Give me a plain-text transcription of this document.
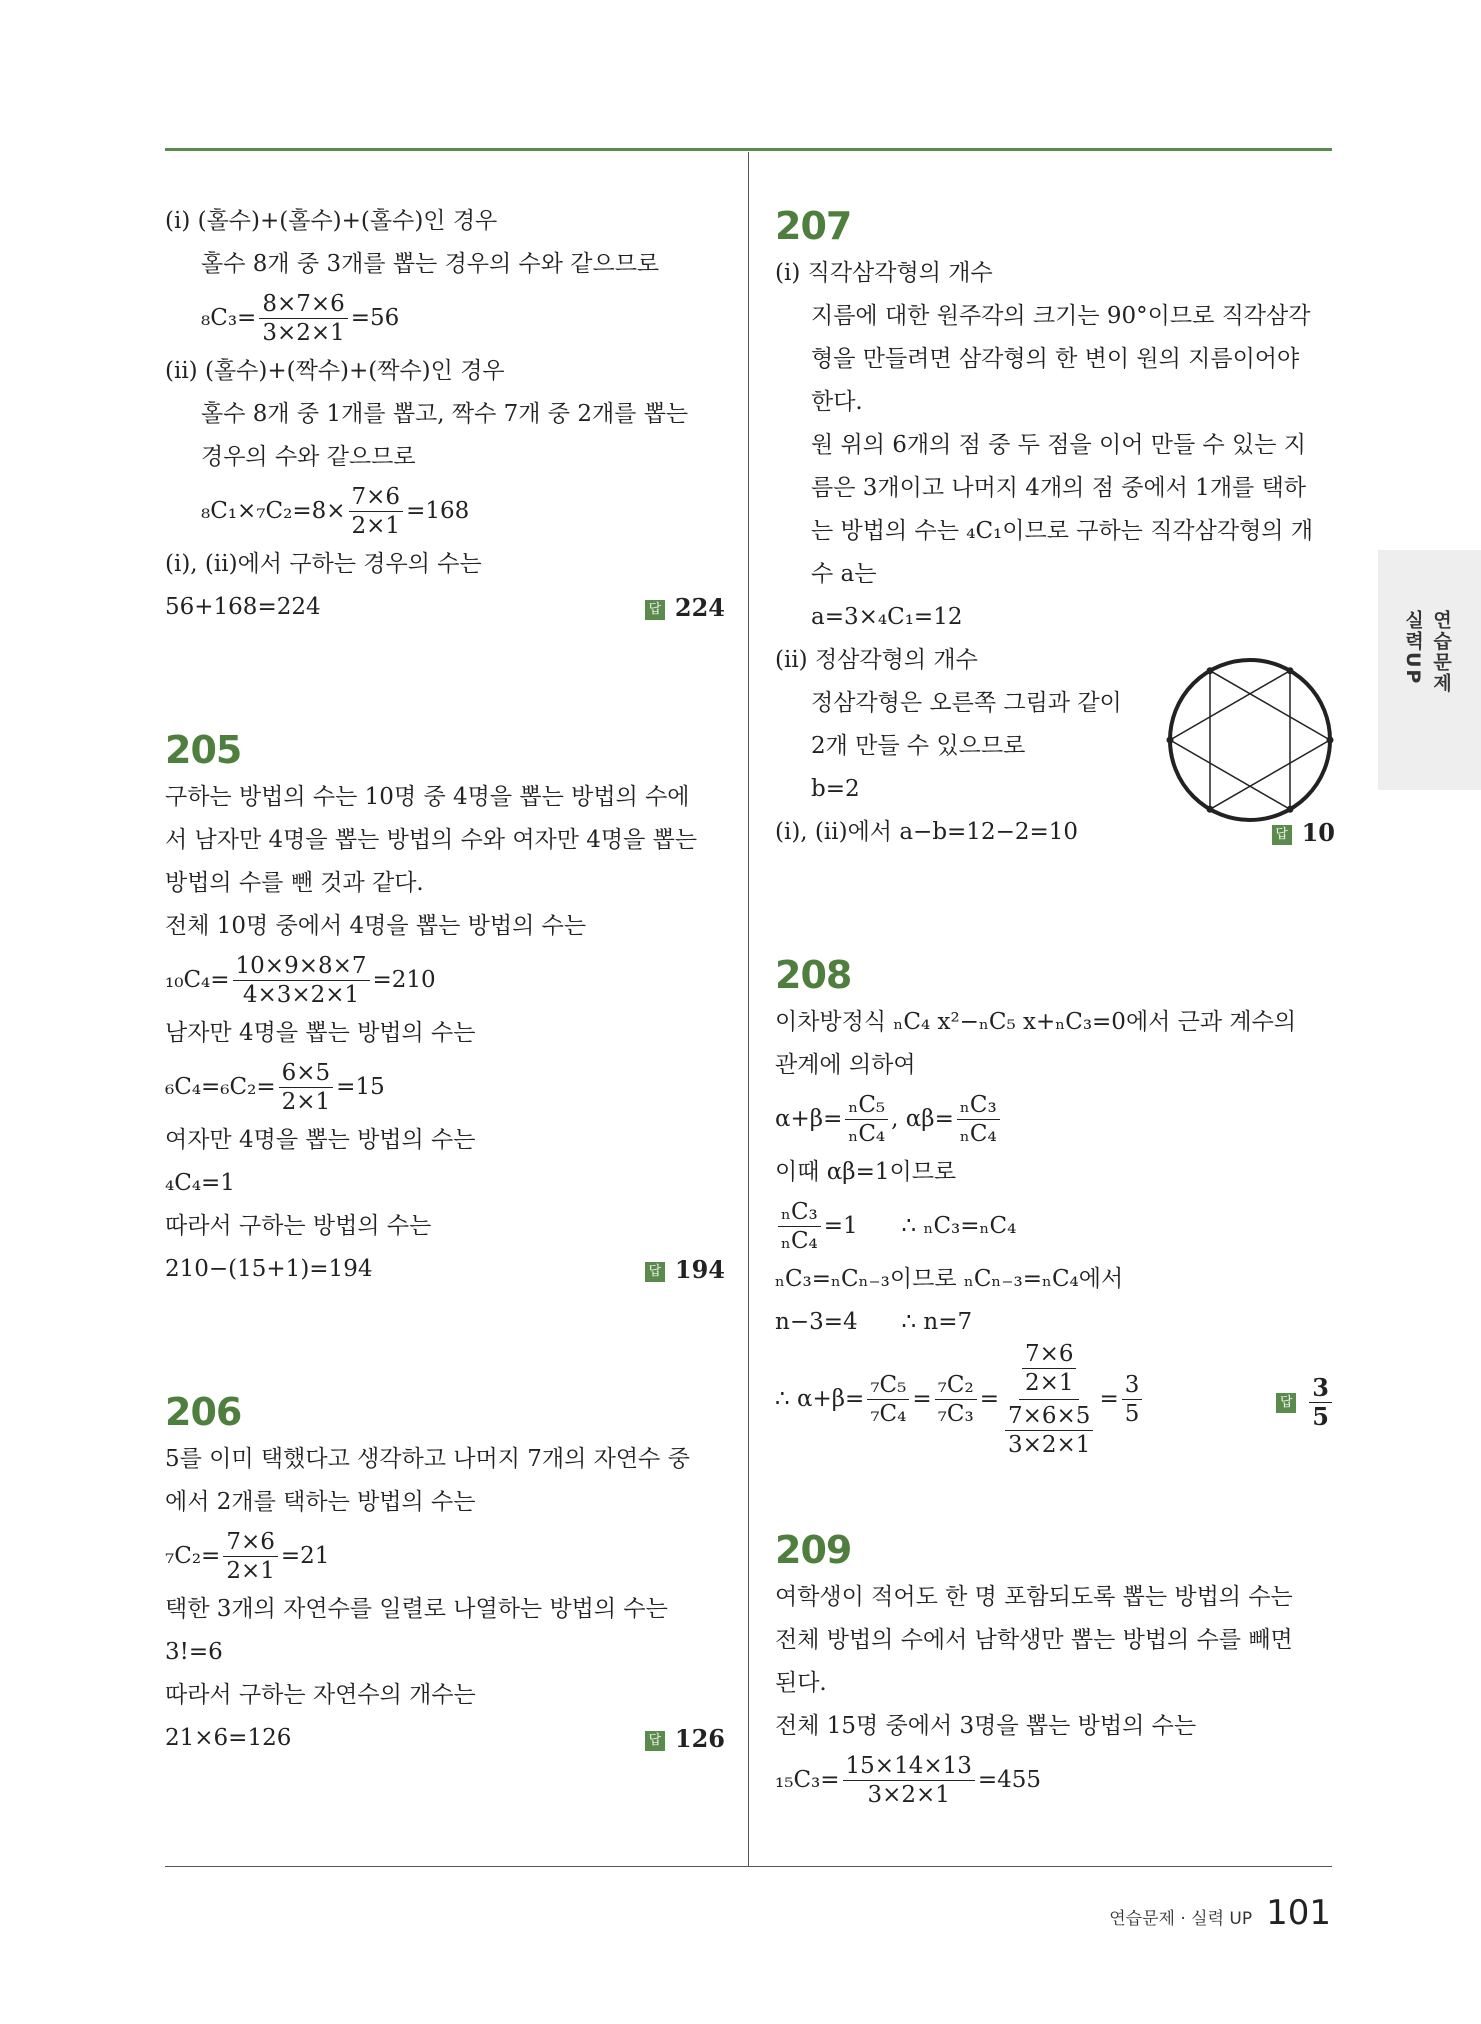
(ⅰ) (홀수)+(홀수)+(홀수)인 경우
홀수 8개 중 3개를 뽑는 경우의 수와 같으므로
$_8C_3= \frac{8\times 7\times 6}{3\times 2\times 1} =56$
(ⅱ) (홀수)+(짝수)+(짝수)인 경우
홀수 8개 중 1개를 뽑고, 짝수 7개 중 2개를 뽑는
경우의 수와 같으므로
$_8C_1\times_7C_2=8\times \frac{7\times 6}{2\times 1} =168$
(ⅰ), (ⅱ)에서 구하는 경우의 수는
56+168=224	답 224
205
구하는 방법의 수는 10명 중 4명을 뽑는 방법의 수에
서 남자만 4명을 뽑는 방법의 수와 여자만 4명을 뽑는
방법의 수를 뺀 것과 같다.
전체 10명 중에서 4명을 뽑는 방법의 수는
$_{10}C_4= \frac{10\times 9\times 8\times 7}{4\times 3\times 2\times 1} =210$
남자만 4명을 뽑는 방법의 수는
$_6C_4=_6C_2= \frac{6\times 5}{2\times 1} =15$
여자만 4명을 뽑는 방법의 수는
₄C₄=1
따라서 구하는 방법의 수는
210−(15+1)=194	답 194
206
5를 이미 택했다고 생각하고 나머지 7개의 자연수 중
에서 2개를 택하는 방법의 수는
$_7C_2= \frac{7\times 6}{2\times 1} =21$
택한 3개의 자연수를 일렬로 나열하는 방법의 수는
3!=6
따라서 구하는 자연수의 개수는
21×6=126	답 126
207
(ⅰ) 직각삼각형의 개수
지름에 대한 원주각의 크기는 90°이므로 직각삼각
형을 만들려면 삼각형의 한 변이 원의 지름이어야
한다.
원 위의 6개의 점 중 두 점을 이어 만들 수 있는 지
름은 3개이고 나머지 4개의 점 중에서 1개를 택하
는 방법의 수는 ₄C₁이므로 구하는 직각삼각형의 개
수 a는
a=3×₄C₁=12
(ⅱ) 정삼각형의 개수
정삼각형은 오른쪽 그림과 같이
2개 만들 수 있으므로
b=2
(ⅰ), (ⅱ)에서 a−b=12−2=10	답 10
208
이차방정식 ₙC₄ x²−ₙC₅ x+ₙC₃=0에서 근과 계수의
관계에 의하여
$\alpha+\beta= \frac{\text{ₙC₅}}{\text{ₙC₄}}$ , $\alpha\beta= \frac{\text{ₙC₃}}{\text{ₙC₄}}$
이때 αβ=1이므로
$\frac{\text{ₙC₃}}{\text{ₙC₄}} =1$      ∴ ₙC₃=ₙC₄
ₙC₃=ₙCₙ₋₃이므로 ₙCₙ₋₃=ₙC₄에서
n−3=4      ∴ n=7
∴ $\alpha+\beta= \frac{\text{₇C₅}}{\text{₇C₄}} = \frac{\text{₇C₂}}{\text{₇C₃}} = \frac{\frac{7\times 6}{2\times 1}}{\frac{7\times 6\times 5}{3\times 2\times 1}} = \frac{3}{5}$	답 $\frac{3}{5}$
209
여학생이 적어도 한 명 포함되도록 뽑는 방법의 수는
전체 방법의 수에서 남학생만 뽑는 방법의 수를 빼면
된다.
전체 15명 중에서 3명을 뽑는 방법의 수는
$_{15}C_3= \frac{15\times 14\times 13}{3\times 2\times 1} =455$
연습문제
실력UP
연습문제 · 실력 UP 101
